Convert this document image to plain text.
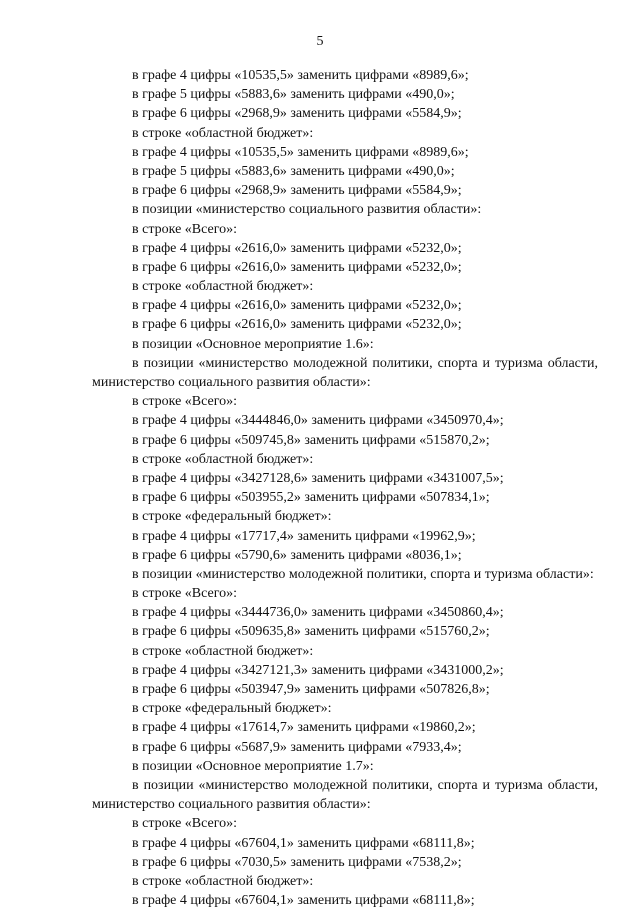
5
в графе 4 цифры «10535,5» заменить цифрами «8989,6»;
в графе 5 цифры «5883,6» заменить цифрами «490,0»;
в графе 6 цифры «2968,9» заменить цифрами «5584,9»;
в строке «областной бюджет»:
в графе 4 цифры «10535,5» заменить цифрами «8989,6»;
в графе 5 цифры «5883,6» заменить цифрами «490,0»;
в графе 6 цифры «2968,9» заменить цифрами «5584,9»;
в позиции «министерство социального развития области»:
в строке «Всего»:
в графе 4 цифры «2616,0» заменить цифрами «5232,0»;
в графе 6 цифры «2616,0» заменить цифрами «5232,0»;
в строке «областной бюджет»:
в графе 4 цифры «2616,0» заменить цифрами «5232,0»;
в графе 6 цифры «2616,0» заменить цифрами «5232,0»;
в позиции «Основное мероприятие 1.6»:
в позиции «министерство молодежной политики, спорта и туризма области, министерство социального развития области»:
в строке «Всего»:
в графе 4 цифры «3444846,0» заменить цифрами «3450970,4»;
в графе 6 цифры «509745,8» заменить цифрами «515870,2»;
в строке «областной бюджет»:
в графе 4 цифры «3427128,6» заменить цифрами «3431007,5»;
в графе 6 цифры «503955,2» заменить цифрами «507834,1»;
в строке «федеральный бюджет»:
в графе 4 цифры «17717,4» заменить цифрами «19962,9»;
в графе 6 цифры «5790,6» заменить цифрами «8036,1»;
в позиции «министерство молодежной политики, спорта и туризма области»:
в строке «Всего»:
в графе 4 цифры «3444736,0» заменить цифрами «3450860,4»;
в графе 6 цифры «509635,8» заменить цифрами «515760,2»;
в строке «областной бюджет»:
в графе 4 цифры «3427121,3» заменить цифрами «3431000,2»;
в графе 6 цифры «503947,9» заменить цифрами «507826,8»;
в строке «федеральный бюджет»:
в графе 4 цифры «17614,7» заменить цифрами «19860,2»;
в графе 6 цифры «5687,9» заменить цифрами «7933,4»;
в позиции «Основное мероприятие 1.7»:
в позиции «министерство молодежной политики, спорта и туризма области, министерство социального развития области»:
в строке «Всего»:
в графе 4 цифры «67604,1» заменить цифрами «68111,8»;
в графе 6 цифры «7030,5» заменить цифрами «7538,2»;
в строке «областной бюджет»:
в графе 4 цифры «67604,1» заменить цифрами «68111,8»;
